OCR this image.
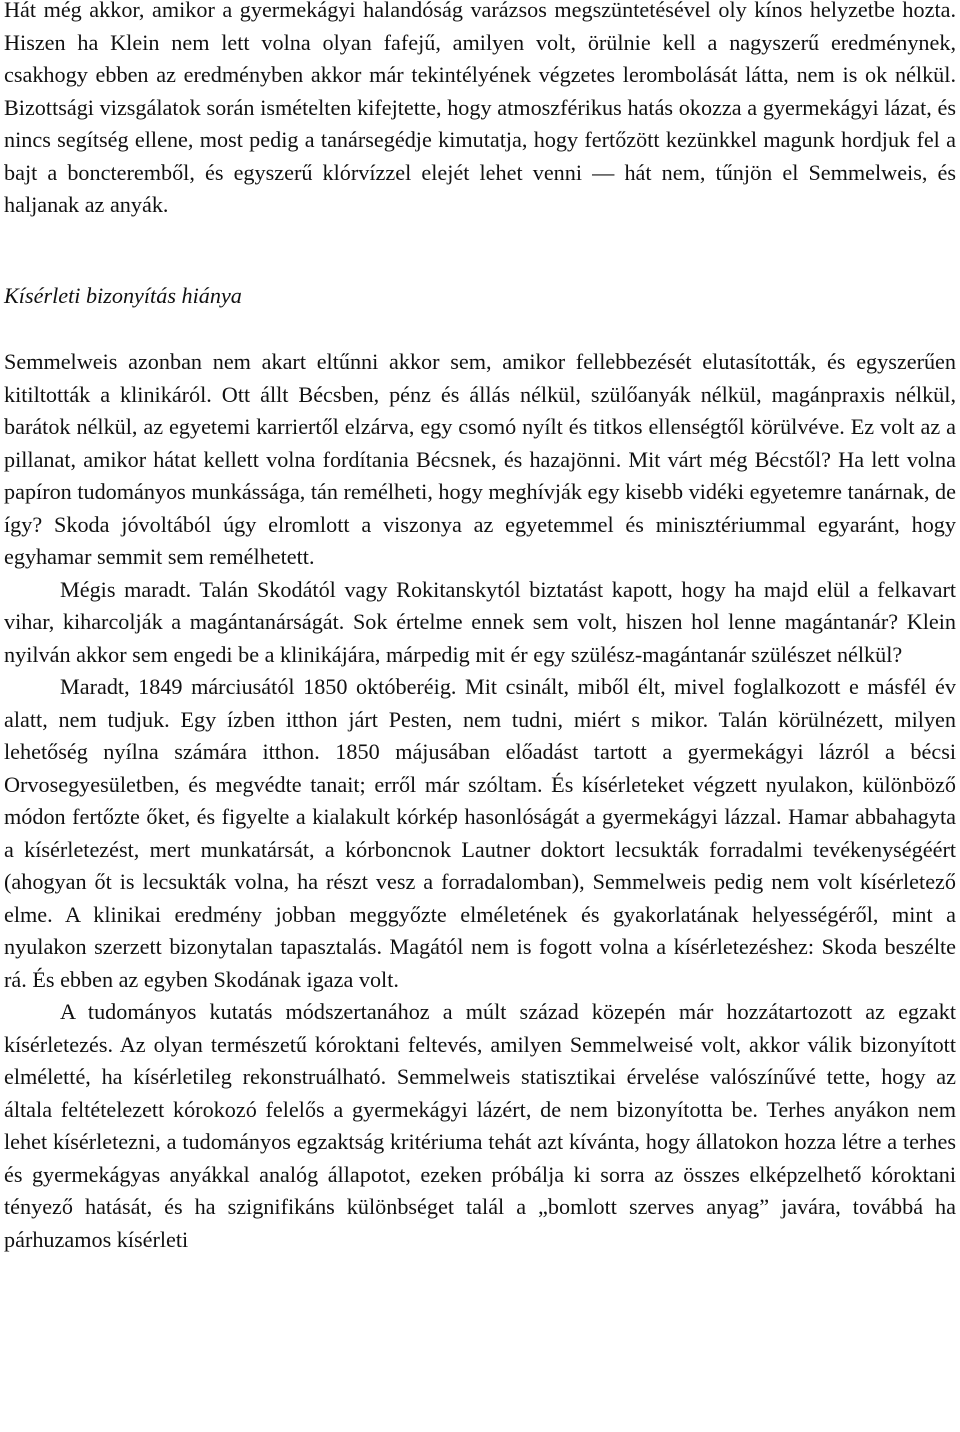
Hát még akkor, amikor a gyermekágyi halandóság varázsos megszüntetésével oly kínos helyzetbe hozta. Hiszen ha Klein nem lett volna olyan fafejű, amilyen volt, örülnie kell a nagyszerű eredménynek, csakhogy ebben az eredményben akkor már tekintélyének végzetes lerombolását látta, nem is ok nélkül. Bizottsági vizsgálatok során ismételten kifejtette, hogy atmoszférikus hatás okozza a gyermekágyi lázat, és nincs segítség ellene, most pedig a tanársegédje kimutatja, hogy fertőzött kezünkkel magunk hordjuk fel a bajt a boncteremből, és egyszerű klórvízzel elejét lehet venni — hát nem, tűnjön el Semmelweis, és haljanak az anyák.

Kísérleti bizonyítás hiánya

Semmelweis azonban nem akart eltűnni akkor sem, amikor fellebbezését elutasították, és egyszerűen kitiltották a klinikáról. Ott állt Bécsben, pénz és állás nélkül, szülőanyák nélkül, magánpraxis nélkül, barátok nélkül, az egyetemi karriertől elzárva, egy csomó nyílt és titkos ellenségtől körülvéve. Ez volt az a pillanat, amikor hátat kellett volna fordítania Bécsnek, és hazajönni. Mit várt még Bécstől? Ha lett volna papíron tudományos munkássága, tán remélheti, hogy meghívják egy kisebb vidéki egyetemre tanárnak, de így? Skoda jóvoltából úgy elromlott a viszonya az egyetemmel és minisztériummal egyaránt, hogy egyhamar semmit sem remélhetett.

Mégis maradt. Talán Skodától vagy Rokitanskytól biztatást kapott, hogy ha majd elül a felkavart vihar, kiharcolják a magántanárságát. Sok értelme ennek sem volt, hiszen hol lenne magántanár? Klein nyilván akkor sem engedi be a klinikájára, márpedig mit ér egy szülész-magántanár szülészet nélkül?

Maradt, 1849 márciusától 1850 októberéig. Mit csinált, miből élt, mivel foglalkozott e másfél év alatt, nem tudjuk. Egy ízben itthon járt Pesten, nem tudni, miért s mikor. Talán körülnézett, milyen lehetőség nyílna számára itthon. 1850 májusában előadást tartott a gyermekágyi lázról a bécsi Orvosegyesületben, és megvédte tanait; erről már szóltam. És kísérleteket végzett nyulakon, különböző módon fertőzte őket, és figyelte a kialakult kórkép hasonlóságát a gyermekágyi lázzal. Hamar abbahagyta a kísérletezést, mert munkatársát, a kórboncnok Lautner doktort lecsukták forradalmi tevékenységéért (ahogyan őt is lecsukták volna, ha részt vesz a forradalomban), Semmelweis pedig nem volt kísérletező elme. A klinikai eredmény jobban meggyőzte elméletének és gyakorlatának helyességéről, mint a nyulakon szerzett bizonytalan tapasztalás. Magától nem is fogott volna a kísérletezéshez: Skoda beszélte rá. És ebben az egyben Skodának igaza volt.

A tudományos kutatás módszertanához a múlt század közepén már hozzátartozott az egzakt kísérletezés. Az olyan természetű kóroktani feltevés, amilyen Semmelweisé volt, akkor válik bizonyított elméletté, ha kísérletileg rekonstruálható. Semmelweis statisztikai érvelése valószínűvé tette, hogy az általa feltételezett kórokozó felelős a gyermekágyi lázért, de nem bizonyította be. Terhes anyákon nem lehet kísérletezni, a tudományos egzaktság kritériuma tehát azt kívánta, hogy állatokon hozza létre a terhes és gyermekágyas anyákkal analóg állapotot, ezeken próbálja ki sorra az összes elképzelhető kóroktani tényező hatását, és ha szignifikáns különbséget talál a „bomlott szerves anyag” javára, továbbá ha párhuzamos kísérleti
